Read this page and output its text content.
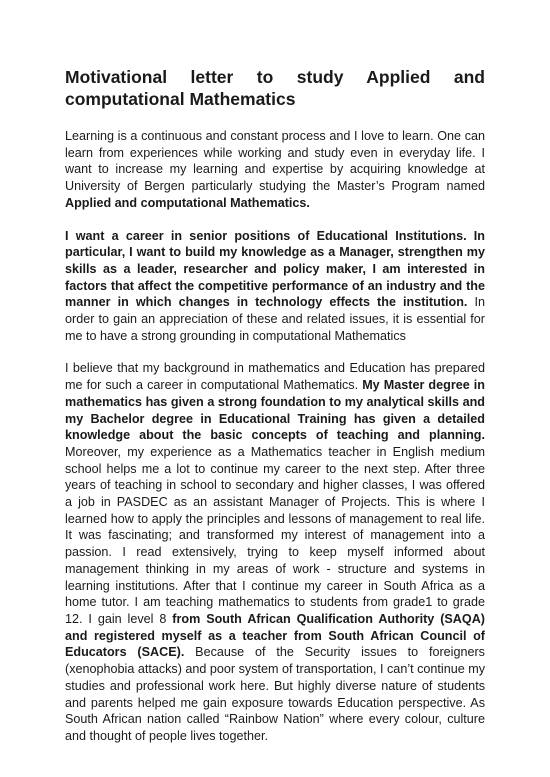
Motivational letter to study Applied and
computational Mathematics

Learning is a continuous and constant process and I love to learn. One can learn from experiences while working and study even in everyday life. I want to increase my learning and expertise by acquiring knowledge at University of Bergen particularly studying the Master’s Program named Applied and computational Mathematics.

I want a career in senior positions of Educational Institutions. In particular, I want to build my knowledge as a Manager, strengthen my skills as a leader, researcher and policy maker, I am interested in factors that affect the competitive performance of an industry and the manner in which changes in technology effects the institution. In order to gain an appreciation of these and related issues, it is essential for me to have a strong grounding in computational Mathematics

I believe that my background in mathematics and Education has prepared me for such a career in computational Mathematics. My Master degree in mathematics has given a strong foundation to my analytical skills and my Bachelor degree in Educational Training has given a detailed knowledge about the basic concepts of teaching and planning. Moreover, my experience as a Mathematics teacher in English medium school helps me a lot to continue my career to the next step. After three years of teaching in school to secondary and higher classes, I was offered a job in PASDEC as an assistant Manager of Projects. This is where I learned how to apply the principles and lessons of management to real life. It was fascinating; and transformed my interest of management into a passion. I read extensively, trying to keep myself informed about management thinking in my areas of work - structure and systems in learning institutions. After that I continue my career in South Africa as a home tutor. I am teaching mathematics to students from grade1 to grade 12. I gain level 8 from South African Qualification Authority (SAQA) and registered myself as a teacher from South African Council of Educators (SACE). Because of the Security issues to foreigners (xenophobia attacks) and poor system of transportation, I can’t continue my studies and professional work here. But highly diverse nature of students and parents helped me gain exposure towards Education perspective. As South African nation called “Rainbow Nation” where every colour, culture and thought of people lives together.
